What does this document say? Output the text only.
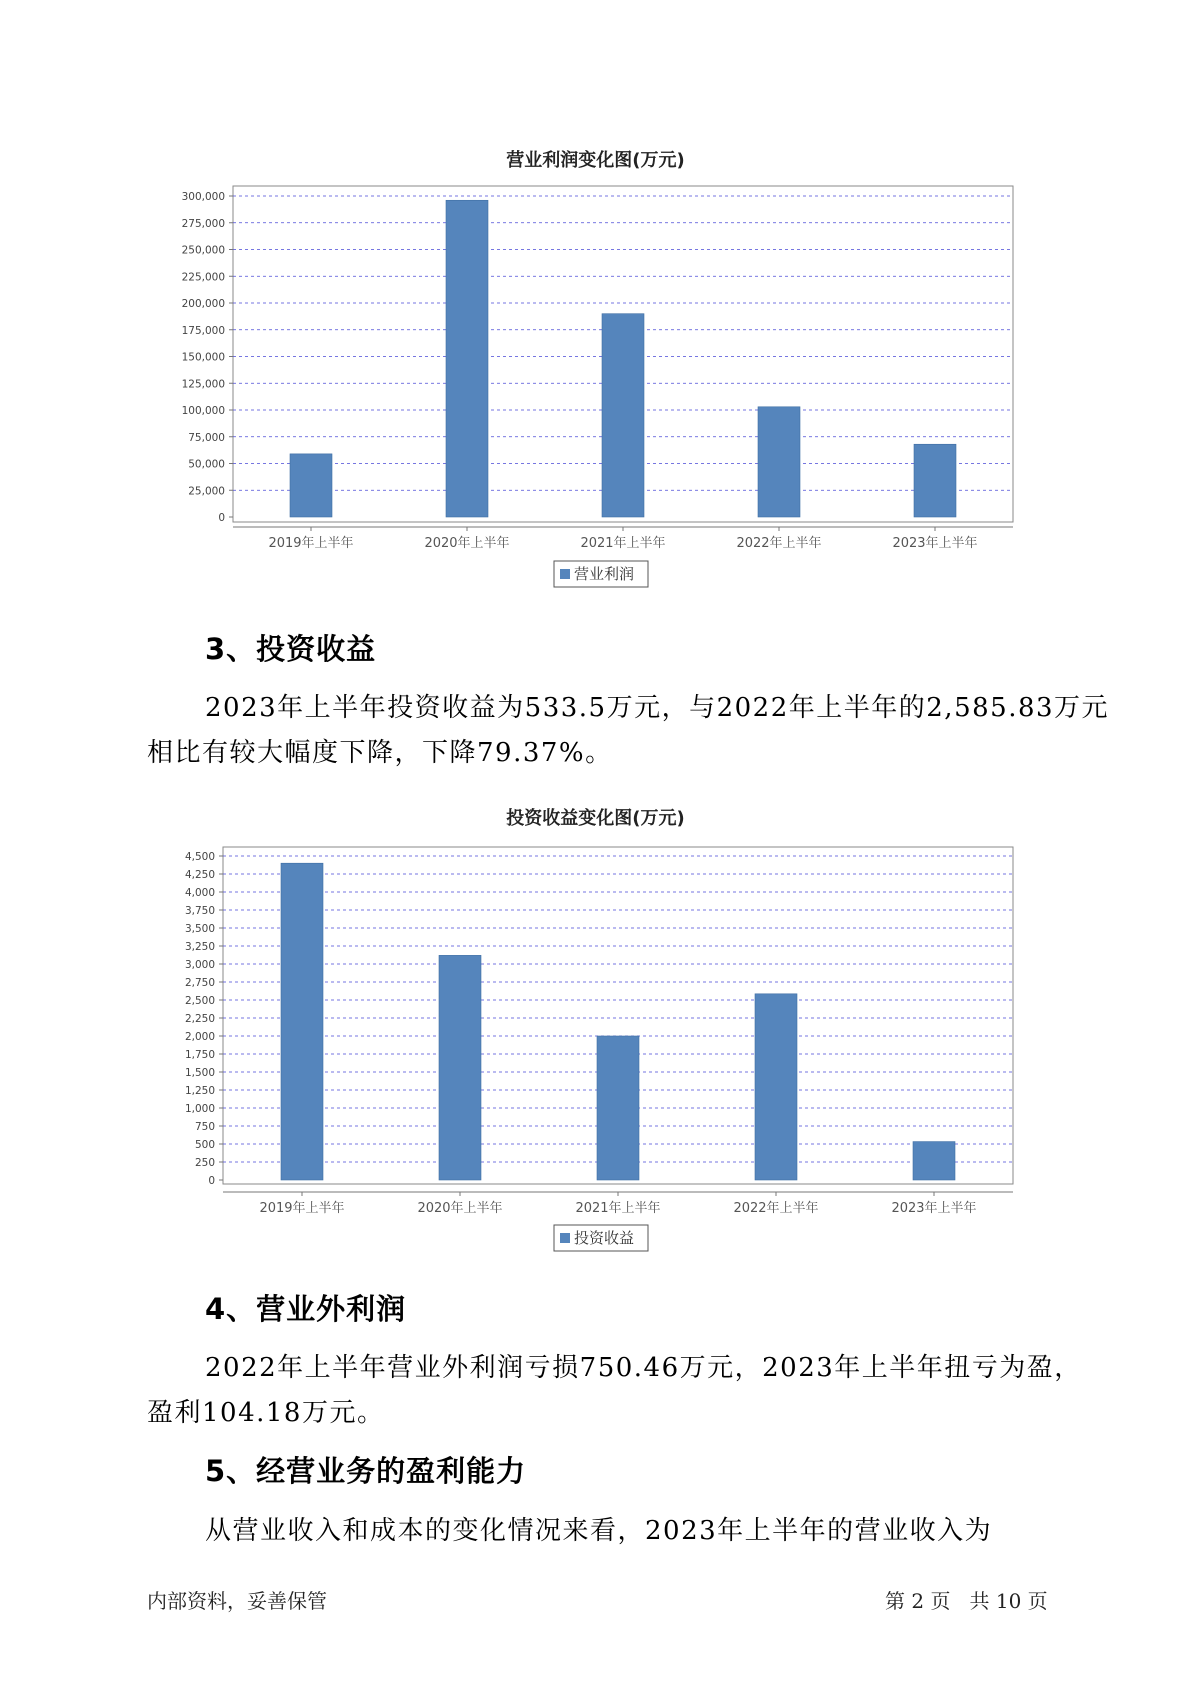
营业利润变化图(万元)
0
25,000
50,000
75,000
100,000
125,000
150,000
175,000
200,000
225,000
250,000
275,000
300,000
2019年上半年	2020年上半年	2021年上半年	2022年上半年	2023年上半年
营业利润
3、投资收益
2023年上半年投资收益为533.5万元，与2022年上半年的2,585.83万元
相比有较大幅度下降，下降79.37%。
投资收益变化图(万元)
0
250
500
750
1,000
1,250
1,500
1,750
2,000
2,250
2,500
2,750
3,000
3,250
3,500
3,750
4,000
4,250
4,500
2019年上半年	2020年上半年	2021年上半年	2022年上半年	2023年上半年
投资收益
4、营业外利润
2022年上半年营业外利润亏损750.46万元，2023年上半年扭亏为盈，
盈利104.18万元。
5、经营业务的盈利能力
从营业收入和成本的变化情况来看，2023年上半年的营业收入为
内部资料，妥善保管	第 2 页   共 10 页
